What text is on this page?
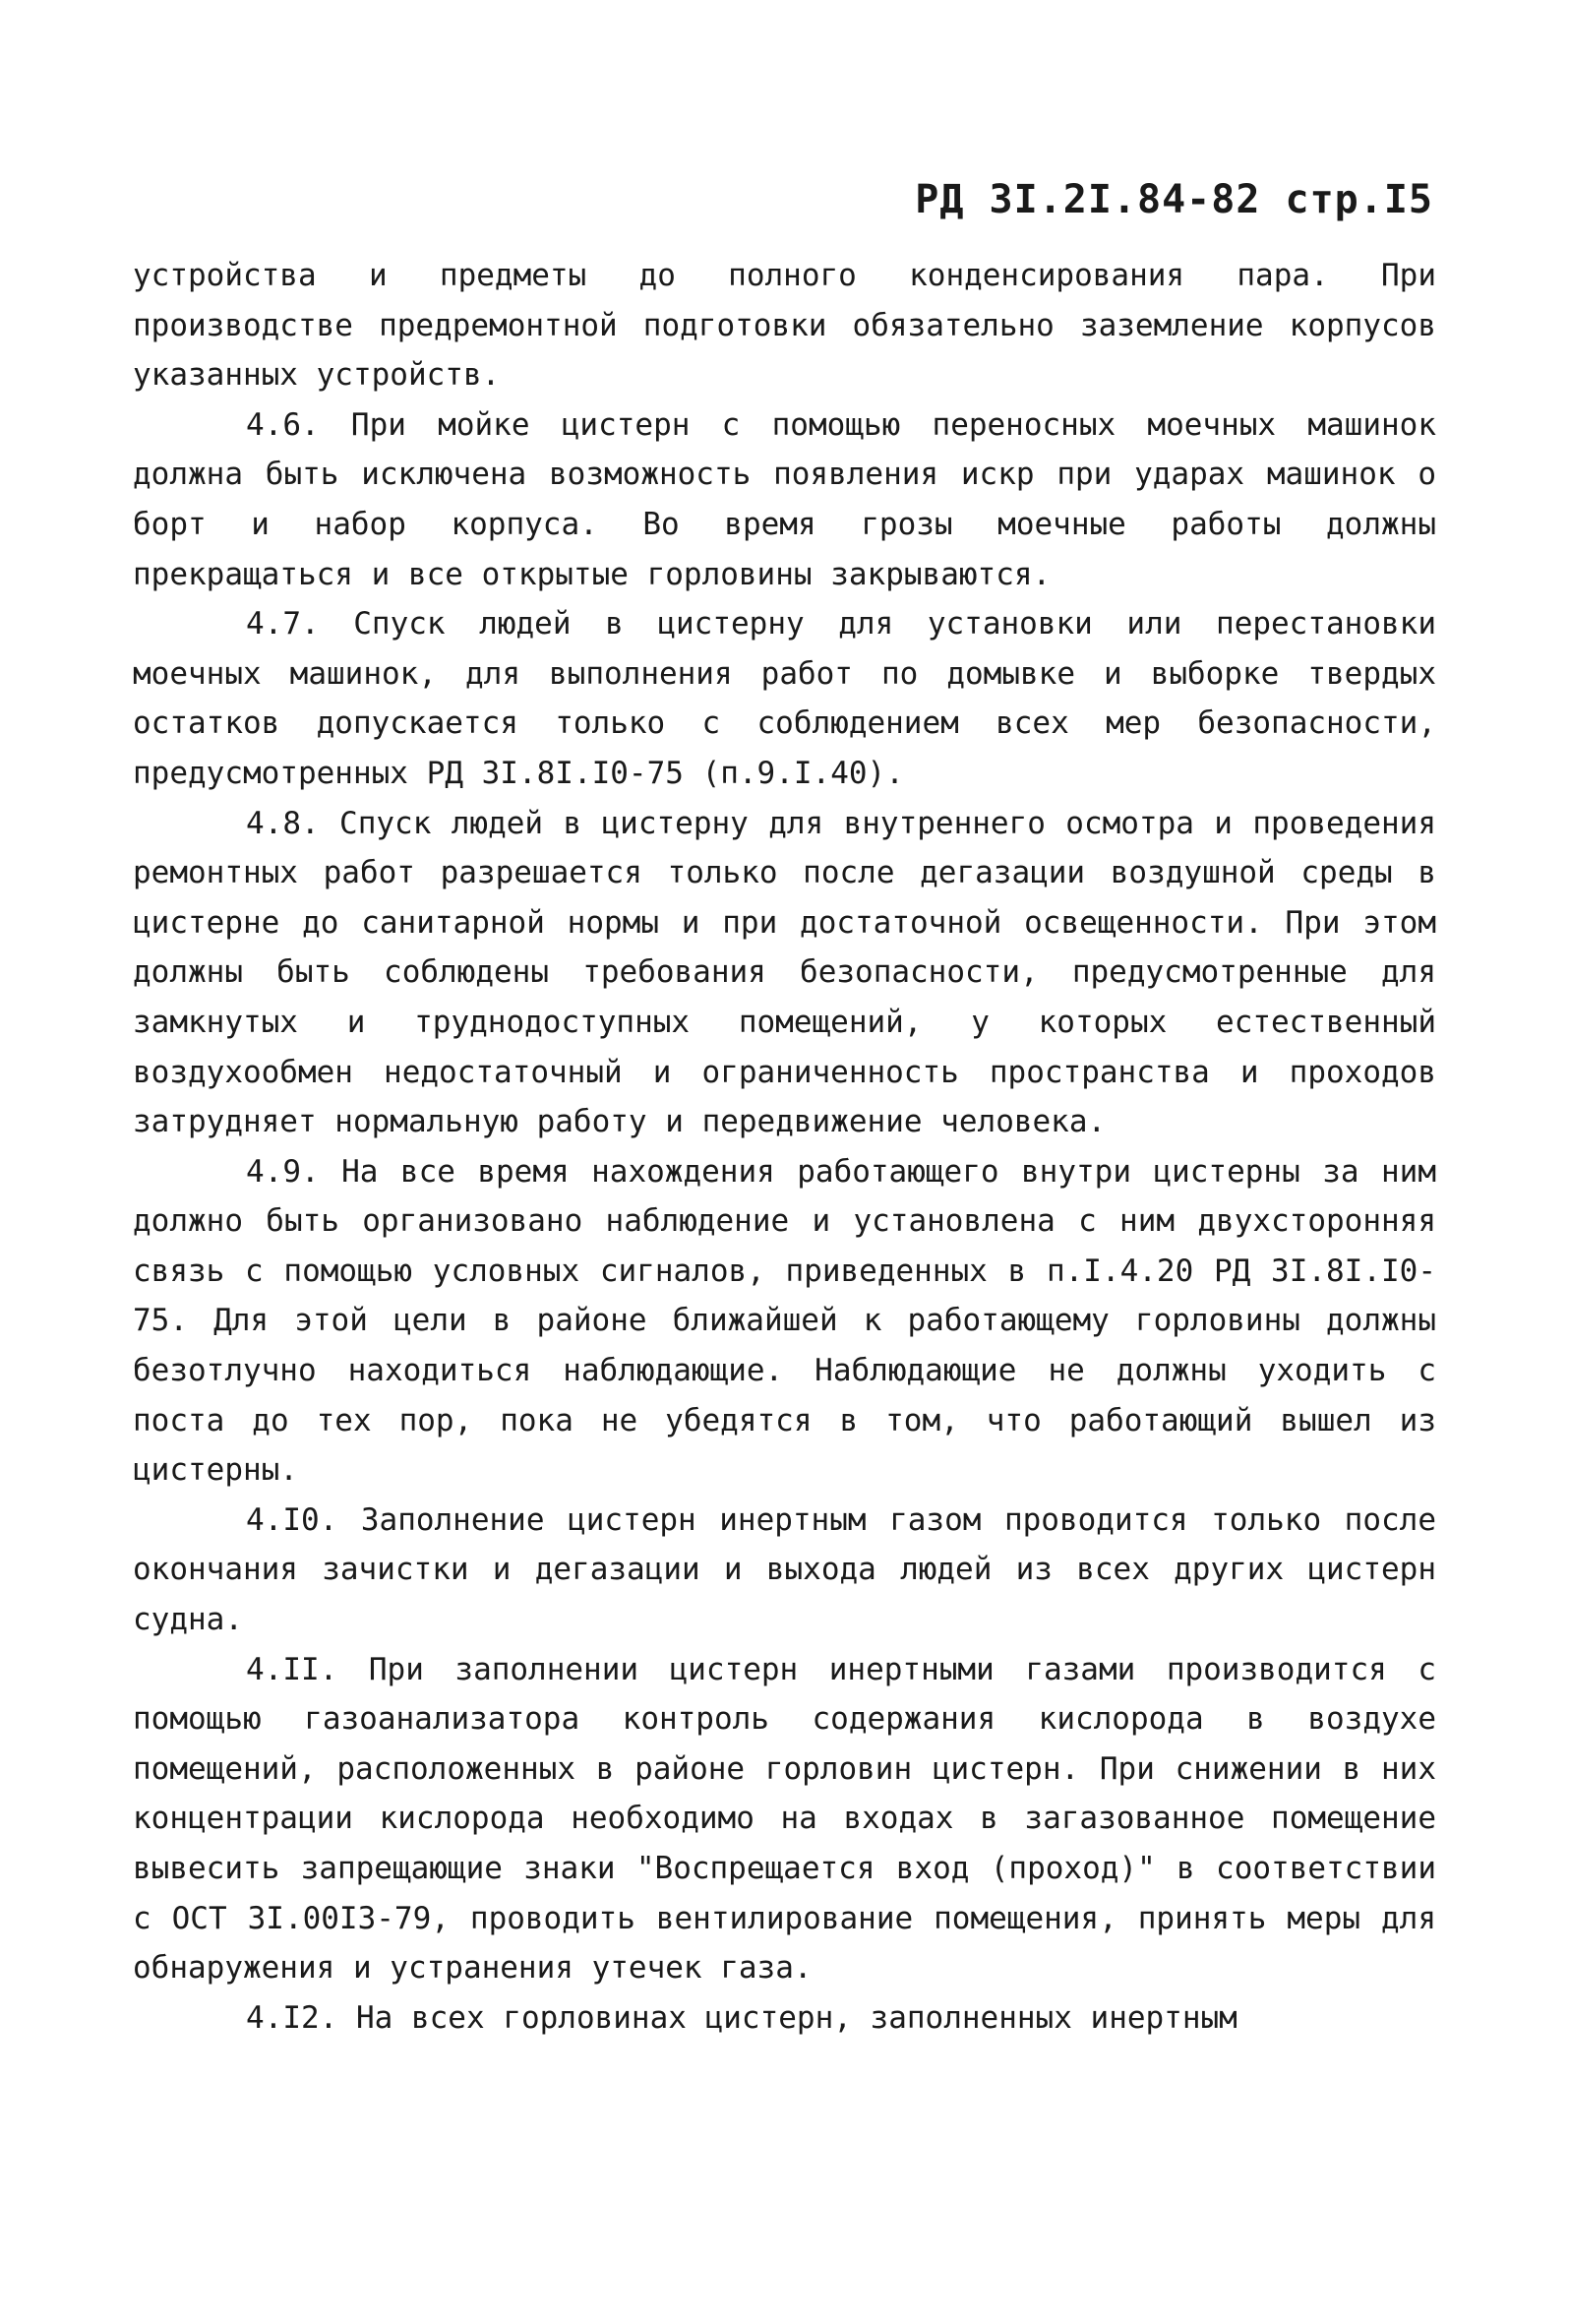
РД 3I.2I.84-82 стр.I5

устройства и предметы до полного конденсирования пара. При производстве предремонтной подготовки обязательно заземление корпусов указанных устройств.

4.6. При мойке цистерн с помощью переносных моечных машинок должна быть исключена возможность появления искр при ударах машинок о борт и набор корпуса. Во время грозы моечные работы должны прекращаться и все открытые горловины закрываются.

4.7. Спуск людей в цистерну для установки или перестановки моечных машинок, для выполнения работ по домывке и выборке твердых остатков допускается только с соблюдением всех мер безопасности, предусмотренных РД 3I.8I.I0-75 (п.9.I.40).

4.8. Спуск людей в цистерну для внутреннего осмотра и проведения ремонтных работ разрешается только после дегазации воздушной среды в цистерне до санитарной нормы и при достаточной освещенности. При этом должны быть соблюдены требования безопасности, предусмотренные для замкнутых и труднодоступных помещений, у которых естественный воздухообмен недостаточный и ограниченность пространства и проходов затрудняет нормальную работу и передвижение человека.

4.9. На все время нахождения работающего внутри цистерны за ним должно быть организовано наблюдение и установлена с ним двухсторонняя связь с помощью условных сигналов, приведенных в п.I.4.20 РД 3I.8I.I0-75. Для этой цели в районе ближайшей к работающему горловины должны безотлучно находиться наблюдающие. Наблюдающие не должны уходить с поста до тех пор, пока не убедятся в том, что работающий вышел из цистерны.

4.I0. Заполнение цистерн инертным газом проводится только после окончания зачистки и дегазации и выхода людей из всех других цистерн судна.

4.II. При заполнении цистерн инертными газами производится с помощью газоанализатора контроль содержания кислорода в воздухе помещений, расположенных в районе горловин цистерн. При снижении в них концентрации кислорода необходимо на входах в загазованное помещение вывесить запрещающие знаки "Воспрещается вход (проход)" в соответствии с ОСТ 3I.00I3-79, проводить вентилирование помещения, принять меры для обнаружения и устранения утечек газа.

4.I2. На всех горловинах цистерн, заполненных инертным
